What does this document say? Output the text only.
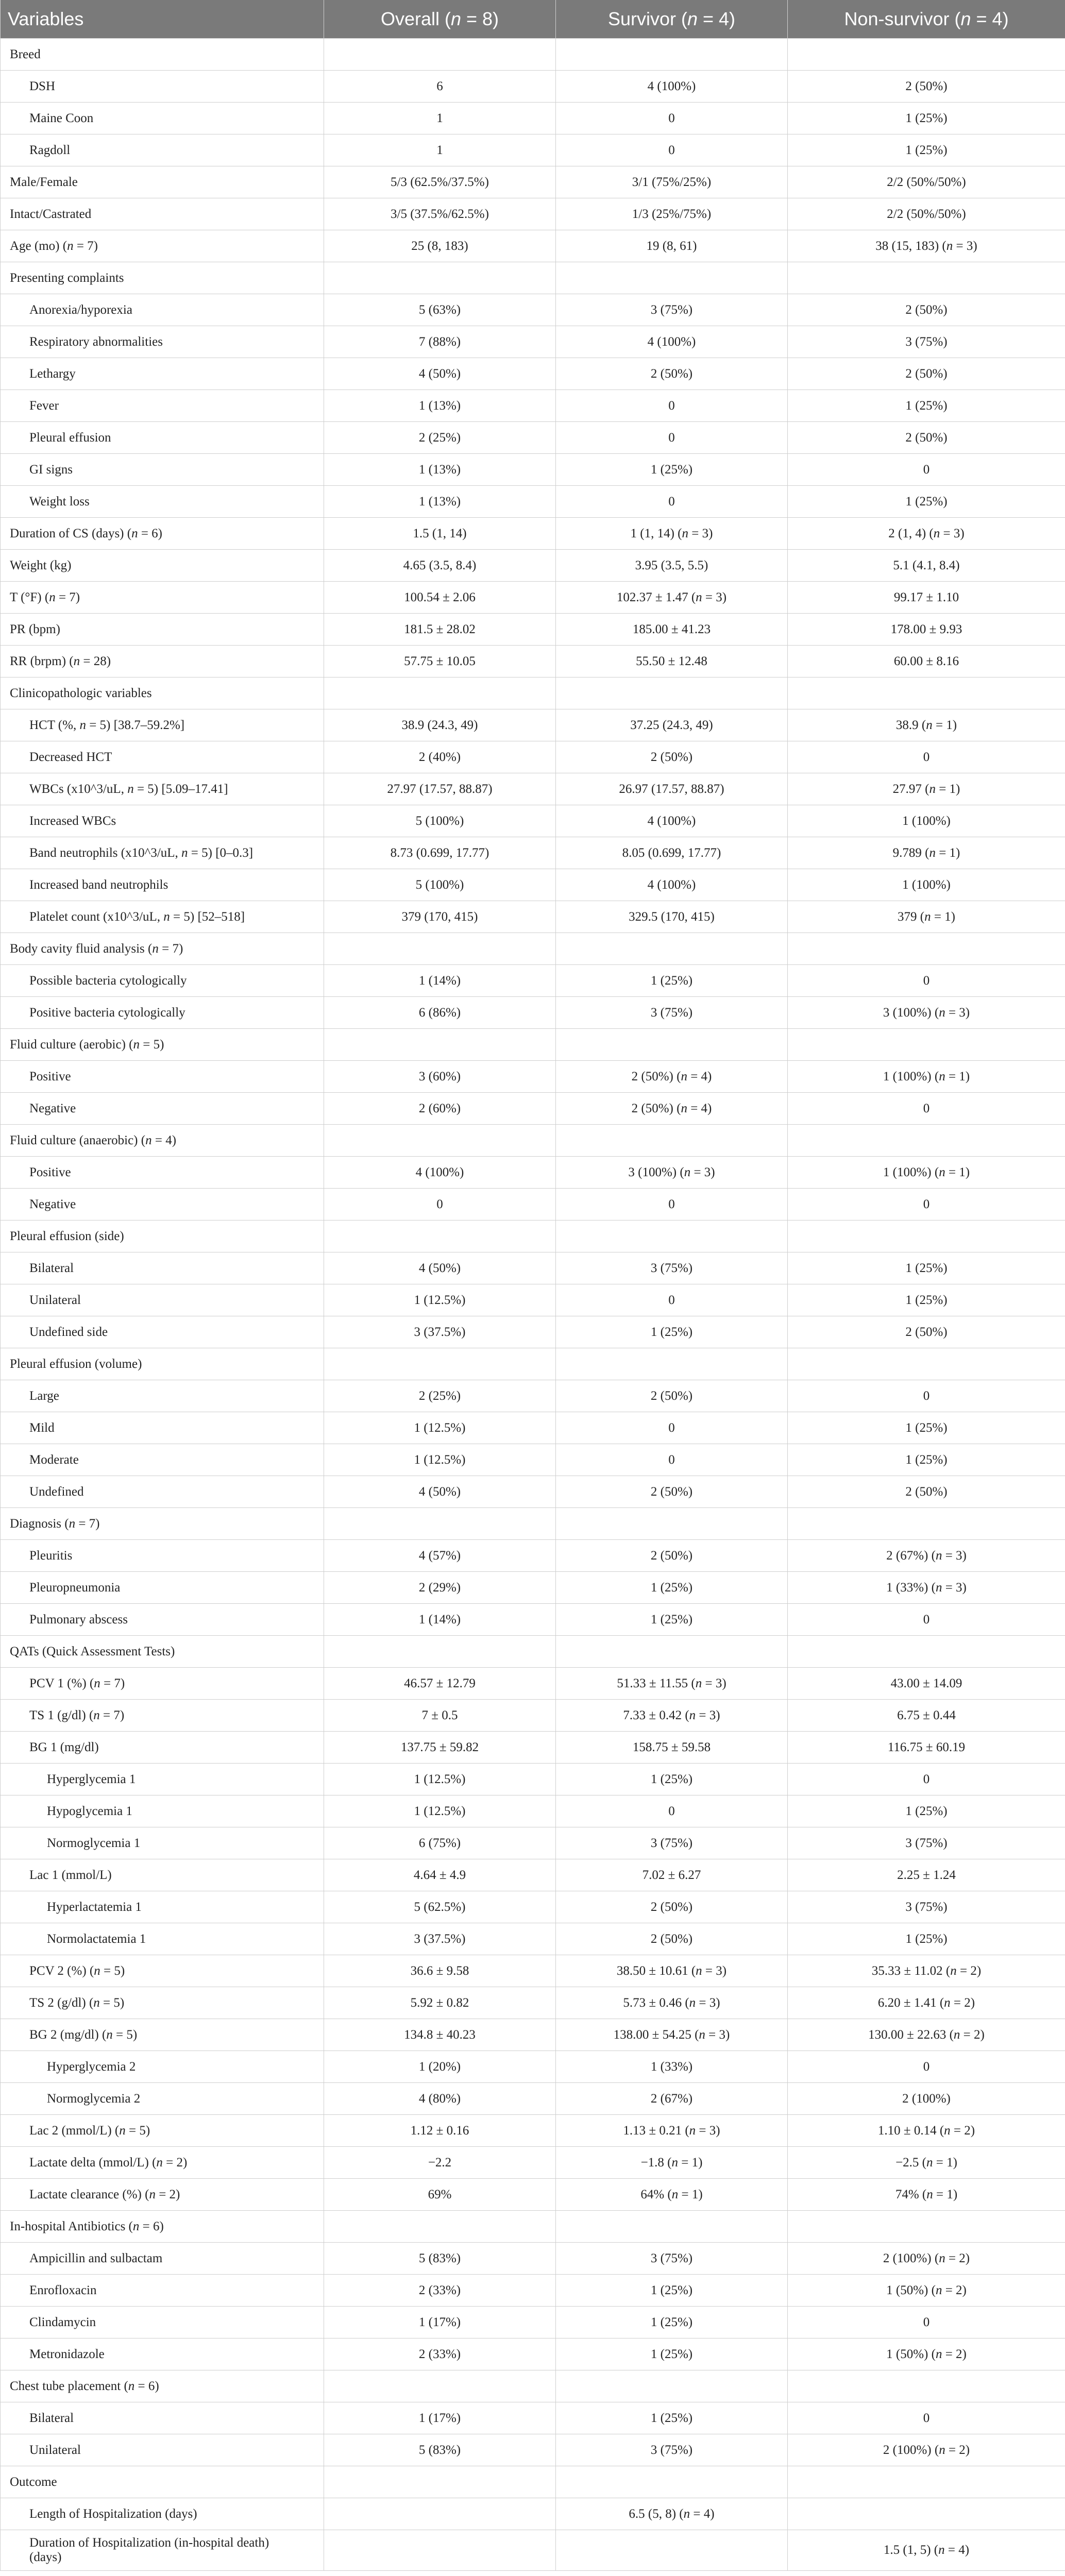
Variables	Overall (n = 8)	Survivor (n = 4)	Non-survivor (n = 4)
Breed			
DSH	6	4 (100%)	2 (50%)
Maine Coon	1	0	1 (25%)
Ragdoll	1	0	1 (25%)
Male/Female	5/3 (62.5%/37.5%)	3/1 (75%/25%)	2/2 (50%/50%)
Intact/Castrated	3/5 (37.5%/62.5%)	1/3 (25%/75%)	2/2 (50%/50%)
Age (mo) (n = 7)	25 (8, 183)	19 (8, 61)	38 (15, 183) (n = 3)
Presenting complaints			
Anorexia/hyporexia	5 (63%)	3 (75%)	2 (50%)
Respiratory abnormalities	7 (88%)	4 (100%)	3 (75%)
Lethargy	4 (50%)	2 (50%)	2 (50%)
Fever	1 (13%)	0	1 (25%)
Pleural effusion	2 (25%)	0	2 (50%)
GI signs	1 (13%)	1 (25%)	0
Weight loss	1 (13%)	0	1 (25%)
Duration of CS (days) (n = 6)	1.5 (1, 14)	1 (1, 14) (n = 3)	2 (1, 4) (n = 3)
Weight (kg)	4.65 (3.5, 8.4)	3.95 (3.5, 5.5)	5.1 (4.1, 8.4)
T (°F) (n = 7)	100.54 ± 2.06	102.37 ± 1.47 (n = 3)	99.17 ± 1.10
PR (bpm)	181.5 ± 28.02	185.00 ± 41.23	178.00 ± 9.93
RR (brpm) (n = 28)	57.75 ± 10.05	55.50 ± 12.48	60.00 ± 8.16
Clinicopathologic variables			
HCT (%, n = 5) [38.7–59.2%]	38.9 (24.3, 49)	37.25 (24.3, 49)	38.9 (n = 1)
Decreased HCT	2 (40%)	2 (50%)	0
WBCs (x10^3/uL, n = 5) [5.09–17.41]	27.97 (17.57, 88.87)	26.97 (17.57, 88.87)	27.97 (n = 1)
Increased WBCs	5 (100%)	4 (100%)	1 (100%)
Band neutrophils (x10^3/uL, n = 5) [0–0.3]	8.73 (0.699, 17.77)	8.05 (0.699, 17.77)	9.789 (n = 1)
Increased band neutrophils	5 (100%)	4 (100%)	1 (100%)
Platelet count (x10^3/uL, n = 5) [52–518]	379 (170, 415)	329.5 (170, 415)	379 (n = 1)
Body cavity fluid analysis (n = 7)			
Possible bacteria cytologically	1 (14%)	1 (25%)	0
Positive bacteria cytologically	6 (86%)	3 (75%)	3 (100%) (n = 3)
Fluid culture (aerobic) (n = 5)			
Positive	3 (60%)	2 (50%) (n = 4)	1 (100%) (n = 1)
Negative	2 (60%)	2 (50%) (n = 4)	0
Fluid culture (anaerobic) (n = 4)			
Positive	4 (100%)	3 (100%) (n = 3)	1 (100%) (n = 1)
Negative	0	0	0
Pleural effusion (side)			
Bilateral	4 (50%)	3 (75%)	1 (25%)
Unilateral	1 (12.5%)	0	1 (25%)
Undefined side	3 (37.5%)	1 (25%)	2 (50%)
Pleural effusion (volume)			
Large	2 (25%)	2 (50%)	0
Mild	1 (12.5%)	0	1 (25%)
Moderate	1 (12.5%)	0	1 (25%)
Undefined	4 (50%)	2 (50%)	2 (50%)
Diagnosis (n = 7)			
Pleuritis	4 (57%)	2 (50%)	2 (67%) (n = 3)
Pleuropneumonia	2 (29%)	1 (25%)	1 (33%) (n = 3)
Pulmonary abscess	1 (14%)	1 (25%)	0
QATs (Quick Assessment Tests)			
PCV 1 (%) (n = 7)	46.57 ± 12.79	51.33 ± 11.55 (n = 3)	43.00 ± 14.09
TS 1 (g/dl) (n = 7)	7 ± 0.5	7.33 ± 0.42 (n = 3)	6.75 ± 0.44
BG 1 (mg/dl)	137.75 ± 59.82	158.75 ± 59.58	116.75 ± 60.19
Hyperglycemia 1	1 (12.5%)	1 (25%)	0
Hypoglycemia 1	1 (12.5%)	0	1 (25%)
Normoglycemia 1	6 (75%)	3 (75%)	3 (75%)
Lac 1 (mmol/L)	4.64 ± 4.9	7.02 ± 6.27	2.25 ± 1.24
Hyperlactatemia 1	5 (62.5%)	2 (50%)	3 (75%)
Normolactatemia 1	3 (37.5%)	2 (50%)	1 (25%)
PCV 2 (%) (n = 5)	36.6 ± 9.58	38.50 ± 10.61 (n = 3)	35.33 ± 11.02 (n = 2)
TS 2 (g/dl) (n = 5)	5.92 ± 0.82	5.73 ± 0.46 (n = 3)	6.20 ± 1.41 (n = 2)
BG 2 (mg/dl) (n = 5)	134.8 ± 40.23	138.00 ± 54.25 (n = 3)	130.00 ± 22.63 (n = 2)
Hyperglycemia 2	1 (20%)	1 (33%)	0
Normoglycemia 2	4 (80%)	2 (67%)	2 (100%)
Lac 2 (mmol/L) (n = 5)	1.12 ± 0.16	1.13 ± 0.21 (n = 3)	1.10 ± 0.14 (n = 2)
Lactate delta (mmol/L) (n = 2)	−2.2	−1.8 (n = 1)	−2.5 (n = 1)
Lactate clearance (%) (n = 2)	69%	64% (n = 1)	74% (n = 1)
In-hospital Antibiotics (n = 6)			
Ampicillin and sulbactam	5 (83%)	3 (75%)	2 (100%) (n = 2)
Enrofloxacin	2 (33%)	1 (25%)	1 (50%) (n = 2)
Clindamycin	1 (17%)	1 (25%)	0
Metronidazole	2 (33%)	1 (25%)	1 (50%) (n = 2)
Chest tube placement (n = 6)			
Bilateral	1 (17%)	1 (25%)	0
Unilateral	5 (83%)	3 (75%)	2 (100%) (n = 2)
Outcome			
Length of Hospitalization (days)		6.5 (5, 8) (n = 4)	
Duration of Hospitalization (in-hospital death) (days)			1.5 (1, 5) (n = 4)
